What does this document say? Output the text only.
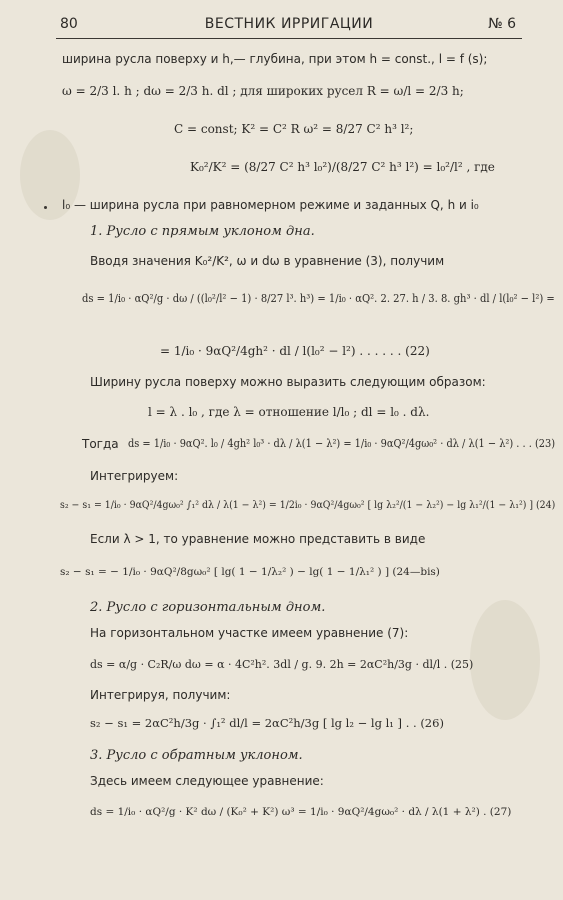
80	ВЕСТНИК ИРРИГАЦИИ	№ 6
ширина русла поверху и h,— глубина, при этом h = const., l = f (s);
ω = 2/3 l. h ; dω = 2/3 h. dl ; для широких русел R = ω/l = 2/3 h;
C = const; K² = C² R ω² = 8/27 C² h³ l²;
K₀²/K² = (8/27 C² h³ l₀²)/(8/27 C² h³ l²) = l₀²/l² , где
l₀ — ширина русла при равномерном режиме и заданных Q, h и i₀
1. Русло с прямым уклоном дна.
Вводя значения K₀²/K², ω и dω в уравнение (3), получим
ds = 1/i₀ · αQ²/g · dω / ((l₀²/l² − 1) · 8/27 l³. h³) = 1/i₀ · αQ². 2. 27. h / 3. 8. gh³ · dl / l(l₀² − l²) =
= 1/i₀ · 9αQ²/4gh² · dl / l(l₀² − l²) . . . . . . (22)
Ширину русла поверху можно выразить следующим образом:
l = λ . l₀ , где λ = отношение l/l₀ ; dl = l₀ . dλ.
Тогда ds = 1/i₀ · 9αQ². l₀ / 4gh² l₀³ · dλ / λ(1 − λ²) = 1/i₀ · 9αQ²/4gω₀² · dλ / λ(1 − λ²) . . . (23)
Интегрируем:
s₂ − s₁ = 1/i₀ · 9αQ²/4gω₀² ∫₁² dλ / λ(1 − λ²) = 1/2i₀ · 9αQ²/4gω₀² [ lg λ₂²/(1 − λ₂²) − lg λ₁²/(1 − λ₁²) ] (24)
Если λ > 1, то уравнение можно представить в виде
s₂ − s₁ = − 1/i₀ · 9αQ²/8gω₀² [ lg( 1 − 1/λ₂² ) − lg( 1 − 1/λ₁² ) ] (24—bis)
2. Русло с горизонтальным дном.
На горизонтальном участке имеем уравнение (7):
ds = α/g · C₂R/ω dω = α · 4C²h². 3dl / g. 9. 2h = 2αC²h/3g · dl/l . (25)
Интегрируя, получим:
s₂ − s₁ = 2αC²h/3g · ∫₁² dl/l = 2αC²h/3g [ lg l₂ − lg l₁ ] . . (26)
3. Русло с обратным уклоном.
Здесь имеем следующее уравнение:
ds = 1/i₀ · αQ²/g · K² dω / (K₀² + K²) ω³ = 1/i₀ · 9αQ²/4gω₀² · dλ / λ(1 + λ²) . (27)
